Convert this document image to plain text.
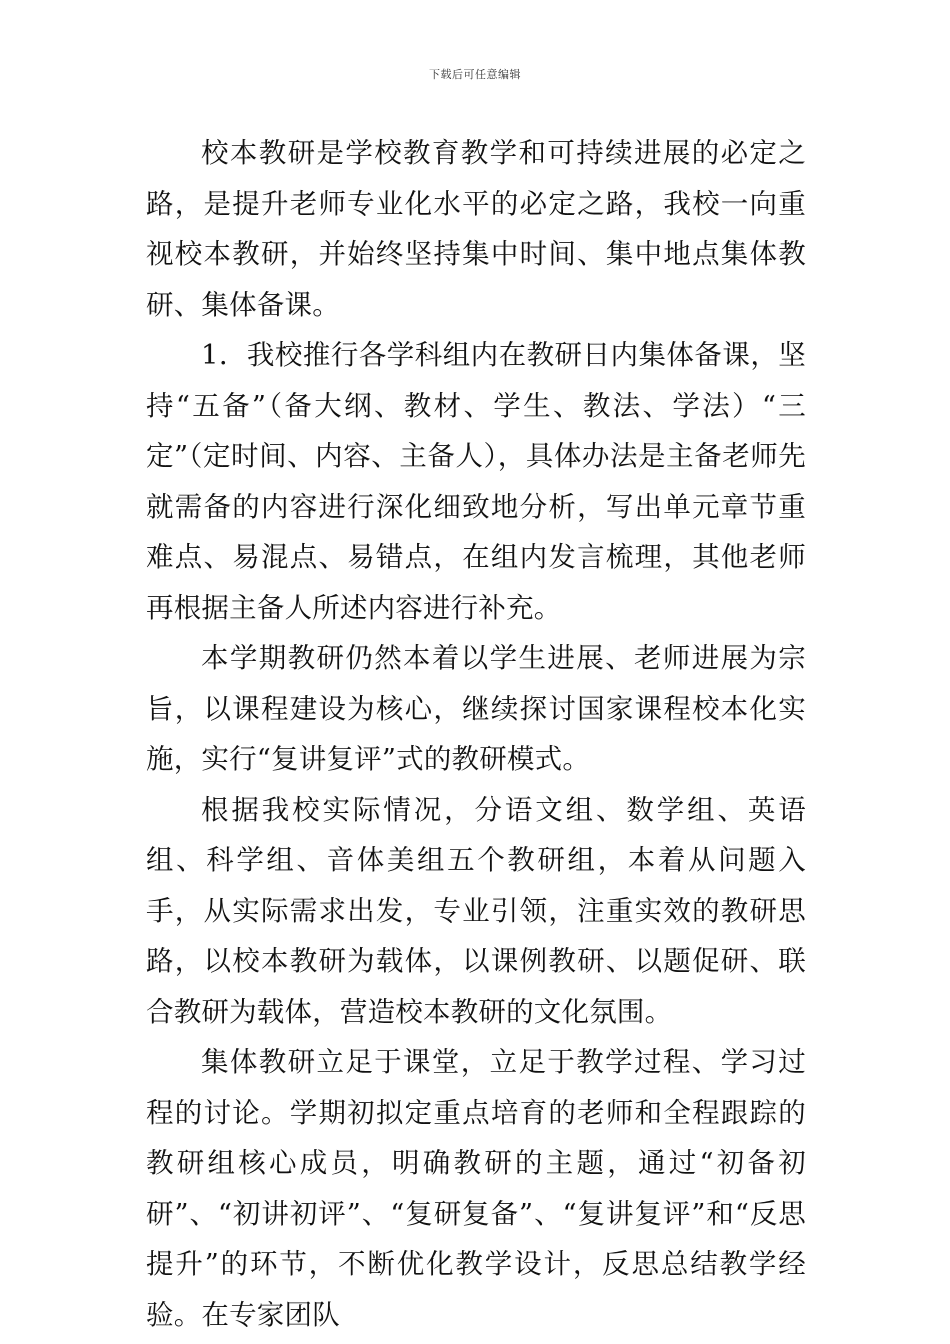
下载后可任意编辑

校本教研是学校教育教学和可持续进展的必定之路，是提升老师专业化水平的必定之路，我校一向重视校本教研，并始终坚持集中时间、集中地点集体教研、集体备课。

1．我校推行各学科组内在教研日内集体备课，坚持“五备”（备大纲、教材、学生、教法、学法）“三定”（定时间、内容、主备人），具体办法是主备老师先就需备的内容进行深化细致地分析，写出单元章节重难点、易混点、易错点，在组内发言梳理，其他老师再根据主备人所述内容进行补充。

本学期教研仍然本着以学生进展、老师进展为宗旨，以课程建设为核心，继续探讨国家课程校本化实施，实行“复讲复评”式的教研模式。

根据我校实际情况，分语文组、数学组、英语组、科学组、音体美组五个教研组，本着从问题入手，从实际需求出发，专业引领，注重实效的教研思路，以校本教研为载体，以课例教研、以题促研、联合教研为载体，营造校本教研的文化氛围。

集体教研立足于课堂，立足于教学过程、学习过程的讨论。学期初拟定重点培育的老师和全程跟踪的教研组核心成员，明确教研的主题，通过“初备初研”、“初讲初评”、“复研复备”、“复讲复评”和“反思提升”的环节，不断优化教学设计，反思总结教学经验。在专家团队
